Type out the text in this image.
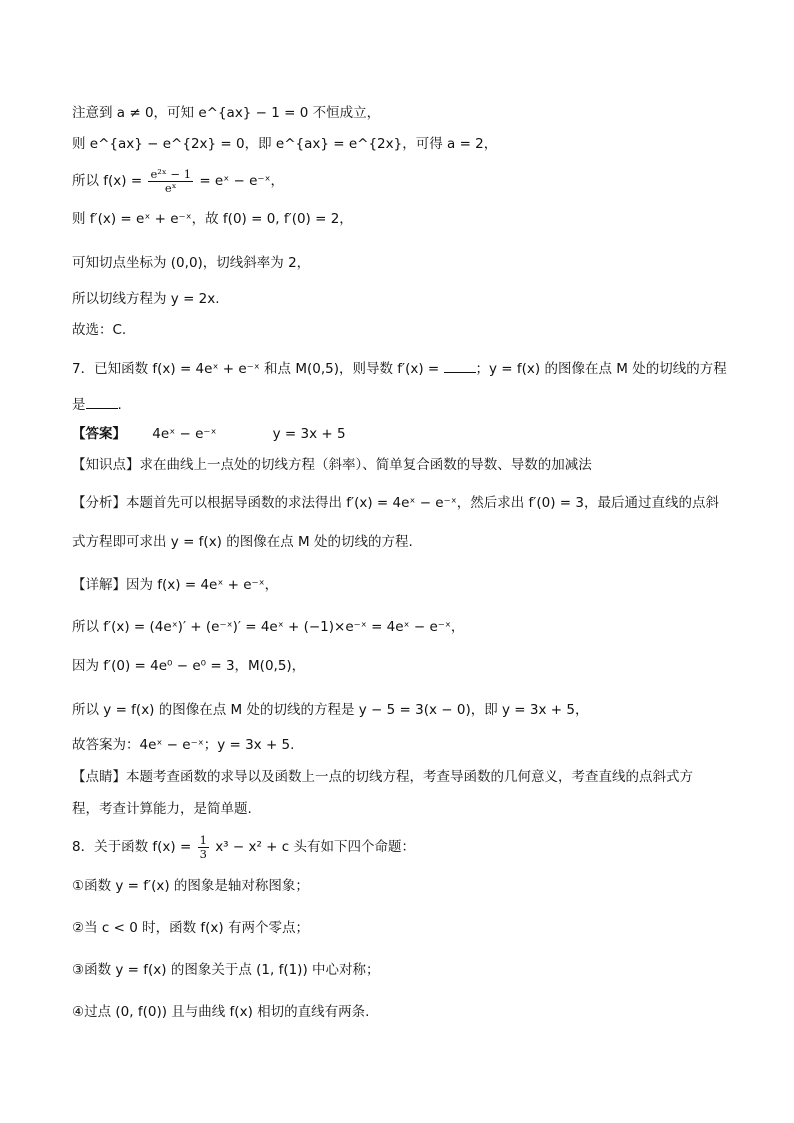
注意到 a ≠ 0，可知 e^{ax} − 1 = 0 不恒成立，
则 e^{ax} − e^{2x} = 0，即 e^{ax} = e^{2x}，可得 a = 2，
所以 $f(x) = \frac{\text{e²ˣ − 1}}{\text{eˣ}}$ = eˣ − e⁻ˣ，
则 f′(x) = eˣ + e⁻ˣ，故 f(0) = 0, f′(0) = 2，
可知切点坐标为 (0,0)，切线斜率为 2，
所以切线方程为 y = 2x.
故选：C.
7．已知函数 f(x) = 4eˣ + e⁻ˣ 和点 M(0,5)，则导数 f′(x) = ；y = f(x) 的图像在点 M 处的切线的方程
是 .
【答案】 4eˣ − e⁻ˣ	y = 3x + 5
【知识点】求在曲线上一点处的切线方程（斜率）、简单复合函数的导数、导数的加减法
【分析】本题首先可以根据导函数的求法得出 f′(x) = 4eˣ − e⁻ˣ，然后求出 f′(0) = 3，最后通过直线的点斜
式方程即可求出 y = f(x) 的图像在点 M 处的切线的方程.
【详解】因为 f(x) = 4eˣ + e⁻ˣ，
所以 f′(x) = (4eˣ)′ + (e⁻ˣ)′ = 4eˣ + (−1)×e⁻ˣ = 4eˣ − e⁻ˣ，
因为 f′(0) = 4e⁰ − e⁰ = 3，M(0,5)，
所以 y = f(x) 的图像在点 M 处的切线的方程是 y − 5 = 3(x − 0)，即 y = 3x + 5，
故答案为：4eˣ − e⁻ˣ；y = 3x + 5.
【点睛】本题考查函数的求导以及函数上一点的切线方程，考查导函数的几何意义，考查直线的点斜式方
程，考查计算能力，是简单题.
8．关于函数 $f(x) = \frac{1}{3} x^3 - x^2 + c$ 头有如下四个命题：
①函数 y = f′(x) 的图象是轴对称图象；
②当 c < 0 时，函数 f(x) 有两个零点；
③函数 y = f(x) 的图象关于点 (1, f(1)) 中心对称；
④过点 (0, f(0)) 且与曲线 f(x) 相切的直线有两条.
